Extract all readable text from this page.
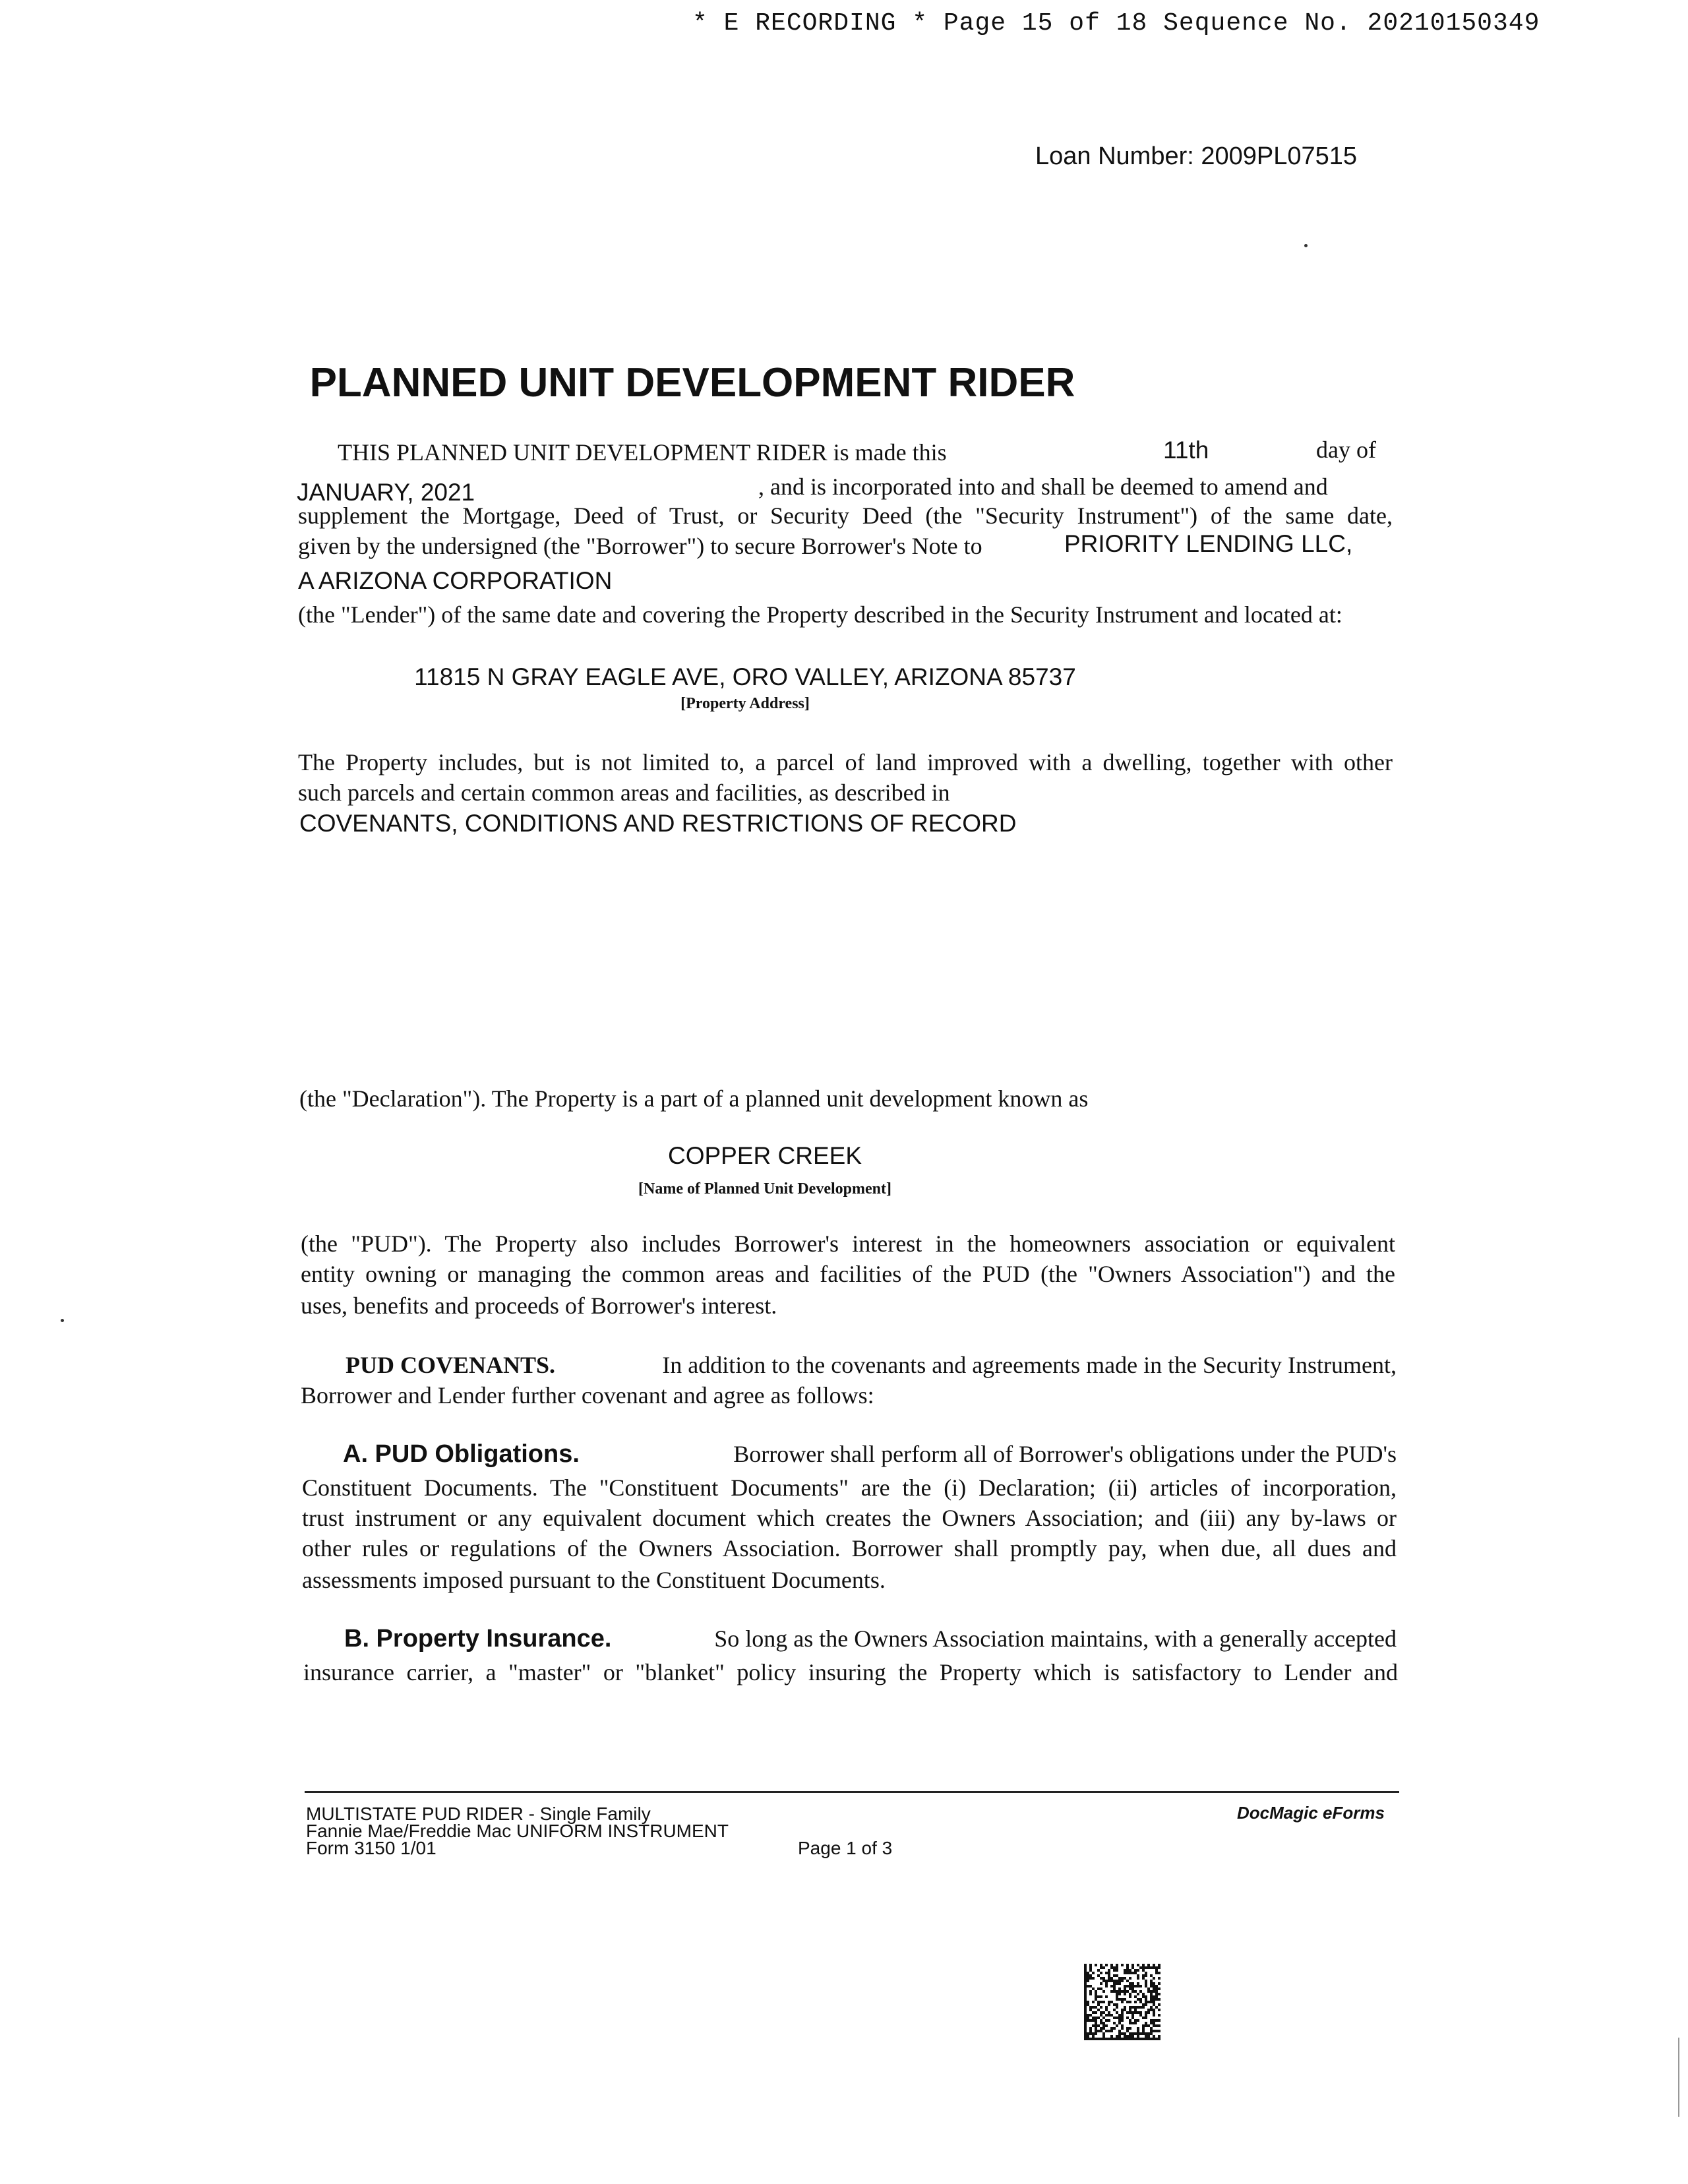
* E RECORDING * Page 15 of 18 Sequence No. 20210150349
Loan Number: 2009PL07515
PLANNED UNIT DEVELOPMENT RIDER
THIS PLANNED UNIT DEVELOPMENT RIDER is made this	11th	day of
JANUARY, 2021	, and is incorporated into and shall be deemed to amend and
supplement the Mortgage, Deed of Trust, or Security Deed (the "Security Instrument") of the same date,
given by the undersigned (the "Borrower") to secure Borrower's Note to	PRIORITY LENDING LLC,
A ARIZONA CORPORATION
(the "Lender") of the same date and covering the Property described in the Security Instrument and located at:
11815 N GRAY EAGLE AVE, ORO VALLEY, ARIZONA 85737
[Property Address]
The Property includes, but is not limited to, a parcel of land improved with a dwelling, together with other
such parcels and certain common areas and facilities, as described in
COVENANTS, CONDITIONS AND RESTRICTIONS OF RECORD
(the "Declaration"). The Property is a part of a planned unit development known as
COPPER CREEK
[Name of Planned Unit Development]
(the "PUD"). The Property also includes Borrower's interest in the homeowners association or equivalent
entity owning or managing the common areas and facilities of the PUD (the "Owners Association") and the
uses, benefits and proceeds of Borrower's interest.
PUD COVENANTS.	In addition to the covenants and agreements made in the Security Instrument,
Borrower and Lender further covenant and agree as follows:
A. PUD Obligations.	Borrower shall perform all of Borrower's obligations under the PUD's
Constituent Documents. The "Constituent Documents" are the (i) Declaration; (ii) articles of incorporation,
trust instrument or any equivalent document which creates the Owners Association; and (iii) any by-laws or
other rules or regulations of the Owners Association. Borrower shall promptly pay, when due, all dues and
assessments imposed pursuant to the Constituent Documents.
B. Property Insurance.	So long as the Owners Association maintains, with a generally accepted
insurance carrier, a "master" or "blanket" policy insuring the Property which is satisfactory to Lender and
MULTISTATE PUD RIDER - Single Family
Fannie Mae/Freddie Mac UNIFORM INSTRUMENT
Form 3150 1/01	Page 1 of 3
DocMagic eForms
